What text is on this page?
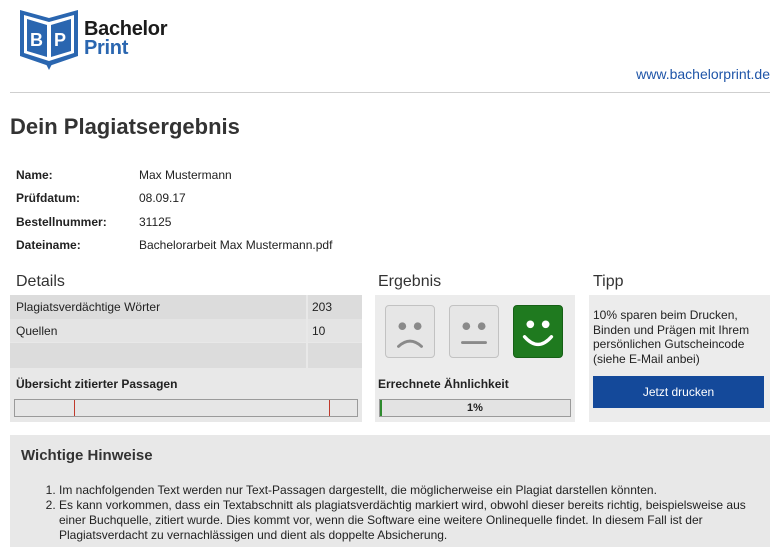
B P Bachelor
Print
www.bachelorprint.de
Dein Plagiatsergebnis
Name:	Max Mustermann
Prüfdatum:	08.09.17
Bestellnummer:	31125
Dateiname:	Bachelorarbeit Max Mustermann.pdf
Details	Ergebnis	Tipp
Plagiatsverdächtige Wörter	203
Quellen	10
Übersicht zitierter Passagen	Errechnete Ähnlichkeit
1%
10% sparen beim Drucken, Binden und Prägen mit Ihrem persönlichen Gutscheincode (siehe E-Mail anbei)
Jetzt drucken
Wichtige Hinweise
1. Im nachfolgenden Text werden nur Text-Passagen dargestellt, die möglicherweise ein Plagiat darstellen könnten.
2. Es kann vorkommen, dass ein Textabschnitt als plagiatsverdächtig markiert wird, obwohl dieser bereits richtig, beispielsweise aus einer Buchquelle, zitiert wurde. Dies kommt vor, wenn die Software eine weitere Onlinequelle findet. In diesem Fall ist der Plagiatsverdacht zu vernachlässigen und dient als doppelte Absicherung.
